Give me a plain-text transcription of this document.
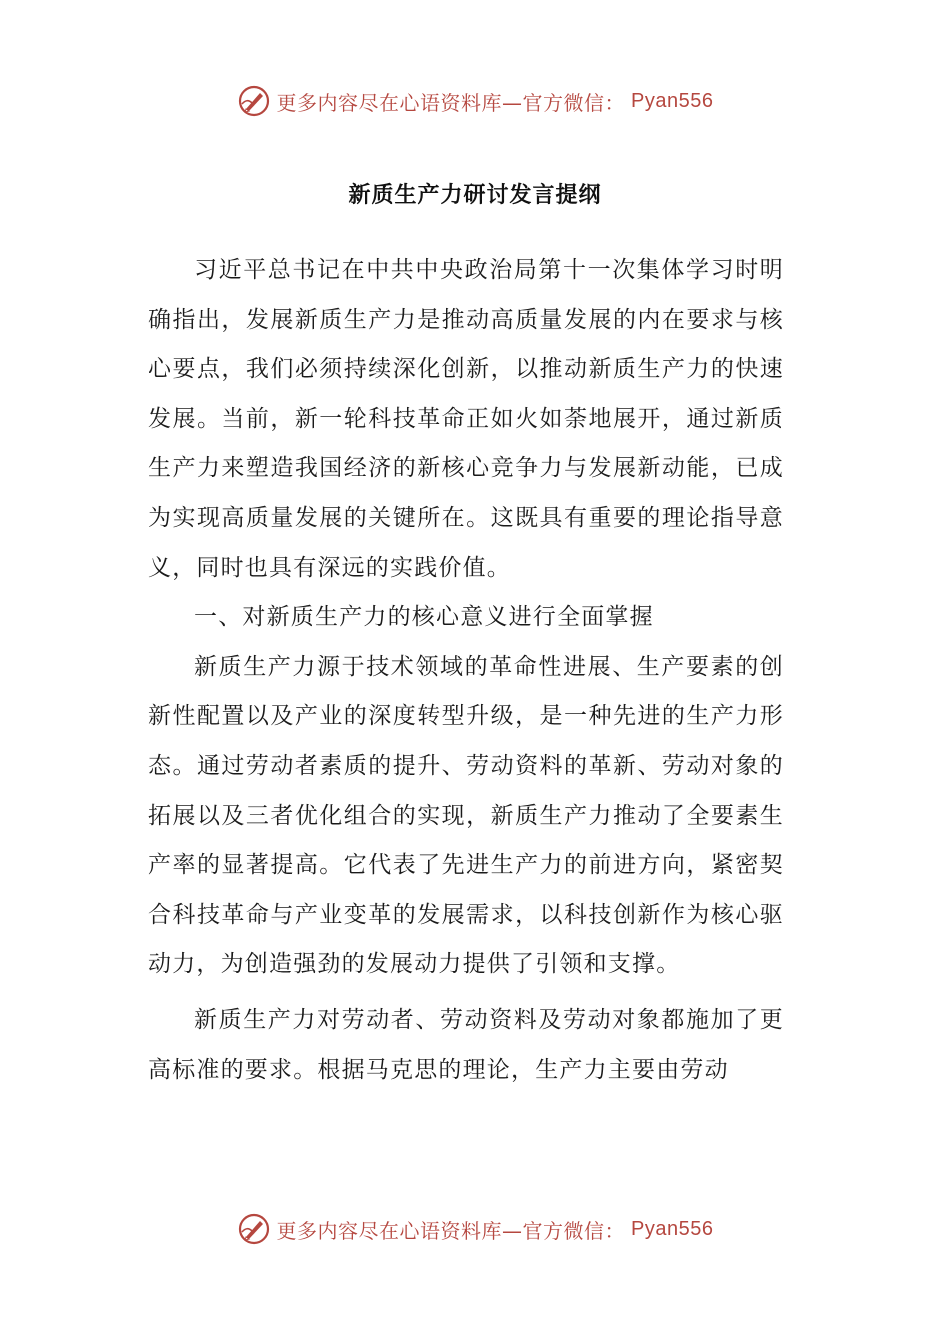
更多内容尽在心语资料库—官方微信： Pyan556
新质生产力研讨发言提纲

习近平总书记在中共中央政治局第十一次集体学习时明确指出，发展新质生产力是推动高质量发展的内在要求与核心要点，我们必须持续深化创新，以推动新质生产力的快速发展。当前，新一轮科技革命正如火如荼地展开，通过新质生产力来塑造我国经济的新核心竞争力与发展新动能，已成为实现高质量发展的关键所在。这既具有重要的理论指导意义，同时也具有深远的实践价值。

一、对新质生产力的核心意义进行全面掌握

新质生产力源于技术领域的革命性进展、生产要素的创新性配置以及产业的深度转型升级，是一种先进的生产力形态。通过劳动者素质的提升、劳动资料的革新、劳动对象的拓展以及三者优化组合的实现，新质生产力推动了全要素生产率的显著提高。它代表了先进生产力的前进方向，紧密契合科技革命与产业变革的发展需求，以科技创新作为核心驱动力，为创造强劲的发展动力提供了引领和支撑。

新质生产力对劳动者、劳动资料及劳动对象都施加了更高标准的要求。根据马克思的理论，生产力主要由劳动

更多内容尽在心语资料库—官方微信： Pyan556
